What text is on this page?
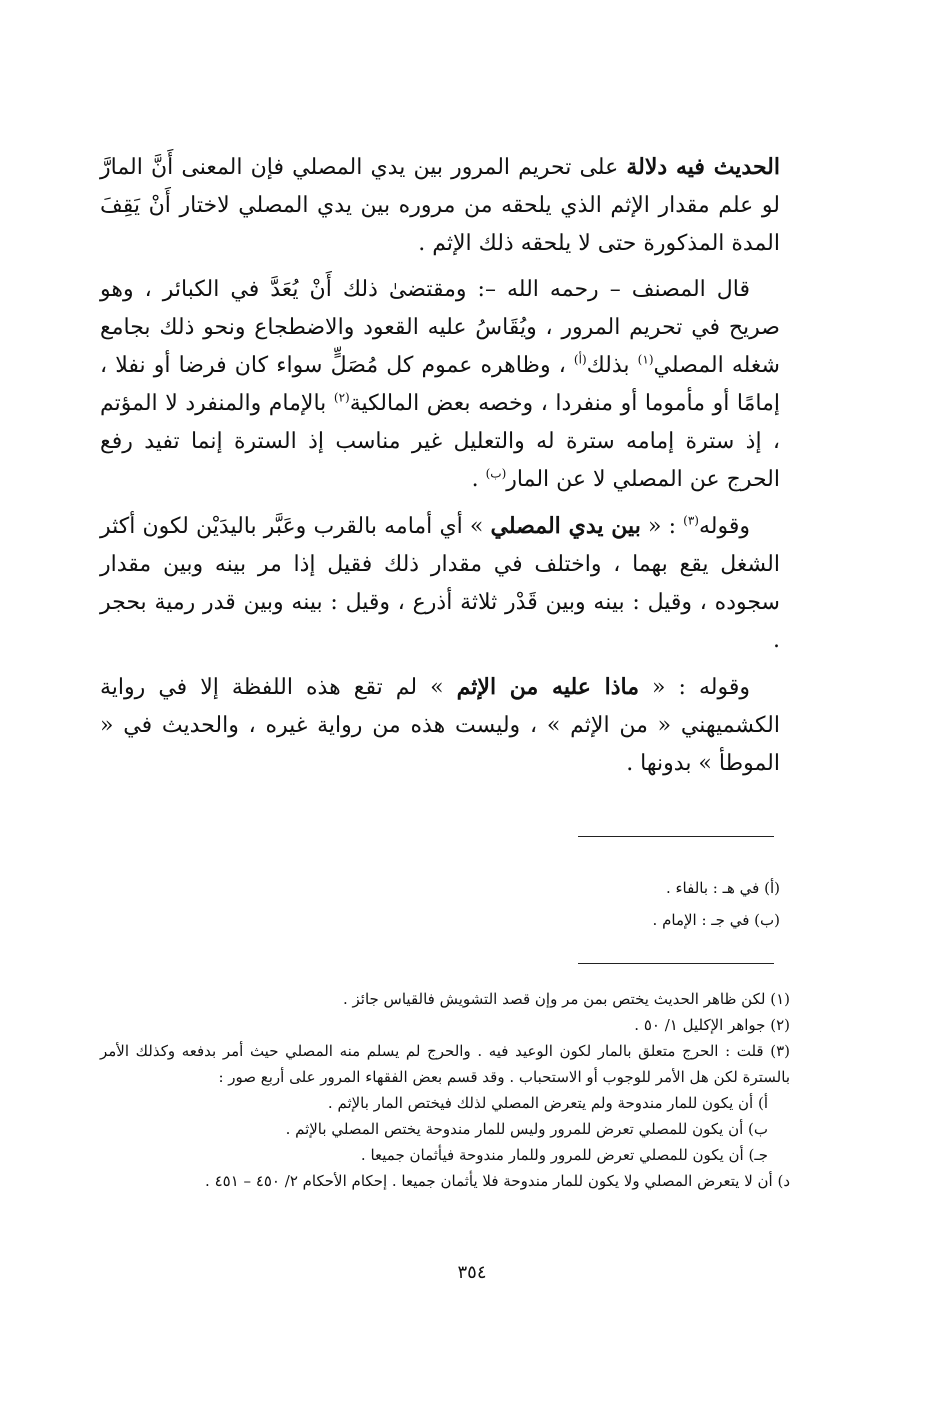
الحديث فيه دلالة على تحريم المرور بين يدي المصلي فإن المعنى أَنَّ المارَّ لو علم مقدار الإثم الذي يلحقه من مروره بين يدي المصلي لاختار أَنْ يَقِفَ المدة المذكورة حتى لا يلحقه ذلك الإثم .

قال المصنف – رحمه الله –: ومقتضىٰ ذلك أَنْ يُعَدَّ في الكبائر ، وهو صريح في تحريم المرور ، ويُقَاسُ عليه القعود والاضطجاع ونحو ذلك بجامع شغله المصلي$^{(١)}$ بذلك$^{(أ)}$ ، وظاهره عموم كل مُصَلٍّ سواء كان فرضا أو نفلا ، إمامًا أو مأموما أو منفردا ، وخصه بعض المالكية$^{(٢)}$ بالإمام والمنفرد لا المؤتم ، إذ سترة إمامه سترة له والتعليل غير مناسب إذ السترة إنما تفيد رفع الحرج عن المصلي لا عن المار$^{(ب)}$ .

وقوله$^{(٣)}$ : « بين يدي المصلي » أي أمامه بالقرب وعَبَّر باليدَيْن لكون أكثر الشغل يقع بهما ، واختلف في مقدار ذلك فقيل إذا مر بينه وبين مقدار سجوده ، وقيل : بينه وبين قَدْر ثلاثة أذرع ، وقيل : بينه وبين قدر رمية بحجر .

وقوله : « ماذا عليه من الإثم » لم تقع هذه اللفظة إلا في رواية الكشميهني « من الإثم » ، وليست هذه من رواية غيره ، والحديث في « الموطأ » بدونها .

(أ) في هـ : بالفاء .
(ب) في جـ : الإمام .
(١) لكن ظاهر الحديث يختص بمن مر وإن قصد التشويش فالقياس جائز .
(٢) جواهر الإكليل ١/ ٥٠ .
(٣) قلت : الحرج متعلق بالمار لكون الوعيد فيه . والحرج لم يسلم منه المصلي حيث أمر بدفعه وكذلك الأمر بالسترة لكن هل الأمر للوجوب أو الاستحباب . وقد قسم بعض الفقهاء المرور على أربع صور :
أ) أن يكون للمار مندوحة ولم يتعرض المصلي لذلك فيختص المار بالإثم .
ب) أن يكون للمصلي تعرض للمرور وليس للمار مندوحة يختص المصلي بالإثم .
جـ) أن يكون للمصلي تعرض للمرور وللمار مندوحة فيأثمان جميعا .
د) أن لا يتعرض المصلي ولا يكون للمار مندوحة فلا يأثمان جميعا . إحكام الأحكام ٢/ ٤٥٠ – ٤٥١ .
٣٥٤
